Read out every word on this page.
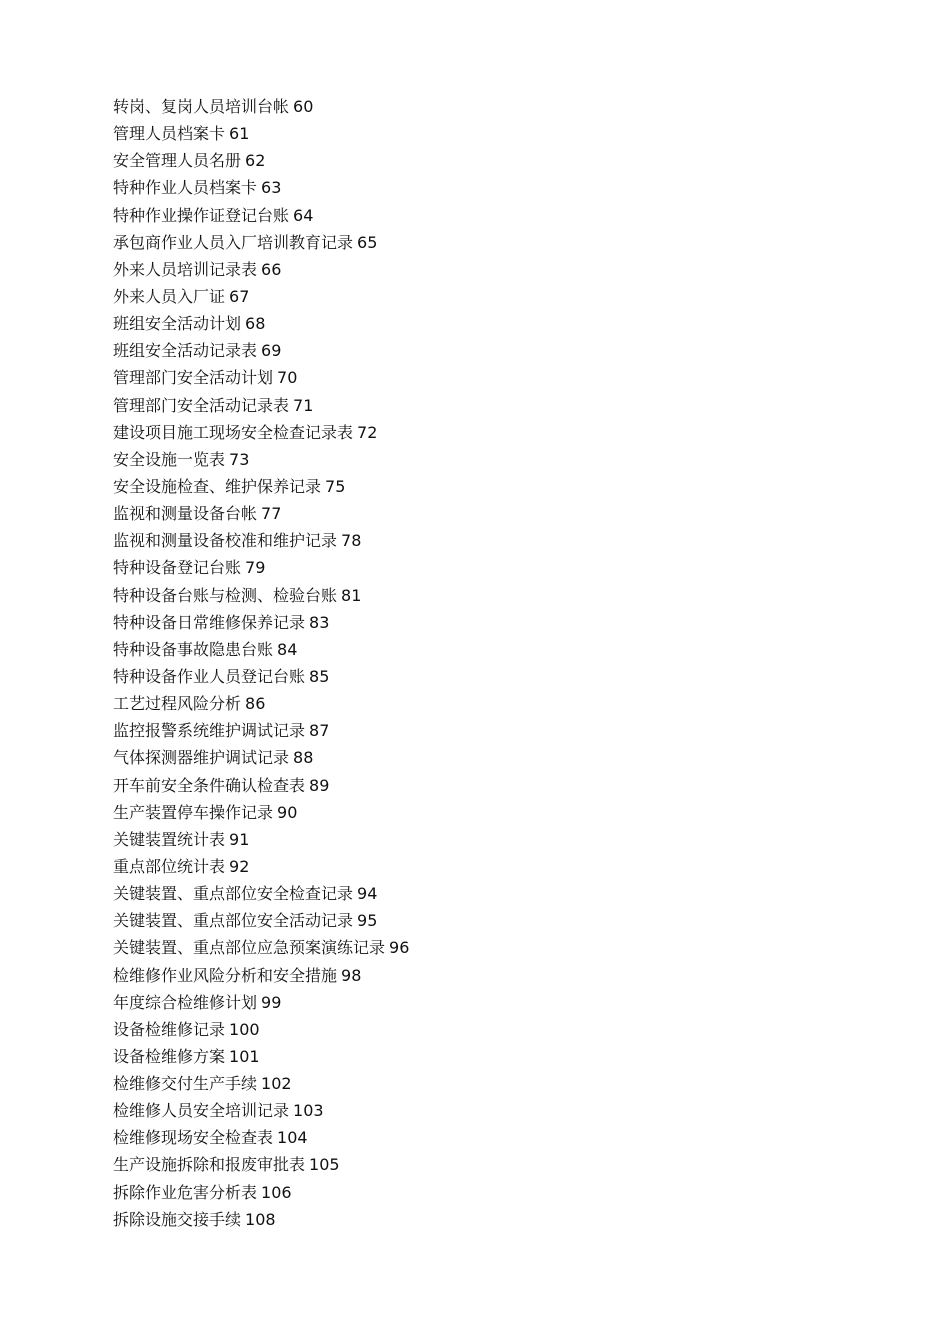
转岗、复岗人员培训台帐 60
管理人员档案卡 61
安全管理人员名册 62
特种作业人员档案卡 63
特种作业操作证登记台账 64
承包商作业人员入厂培训教育记录 65
外来人员培训记录表 66
外来人员入厂证 67
班组安全活动计划 68
班组安全活动记录表 69
管理部门安全活动计划 70
管理部门安全活动记录表 71
建设项目施工现场安全检查记录表 72
安全设施一览表 73
安全设施检查、维护保养记录 75
监视和测量设备台帐 77
监视和测量设备校准和维护记录 78
特种设备登记台账 79
特种设备台账与检测、检验台账 81
特种设备日常维修保养记录 83
特种设备事故隐患台账 84
特种设备作业人员登记台账 85
工艺过程风险分析 86
监控报警系统维护调试记录 87
气体探测器维护调试记录 88
开车前安全条件确认检查表 89
生产装置停车操作记录 90
关键装置统计表 91
重点部位统计表 92
关键装置、重点部位安全检查记录 94
关键装置、重点部位安全活动记录 95
关键装置、重点部位应急预案演练记录 96
检维修作业风险分析和安全措施 98
年度综合检维修计划 99
设备检维修记录 100
设备检维修方案 101
检维修交付生产手续 102
检维修人员安全培训记录 103
检维修现场安全检查表 104
生产设施拆除和报废审批表 105
拆除作业危害分析表 106
拆除设施交接手续 108
